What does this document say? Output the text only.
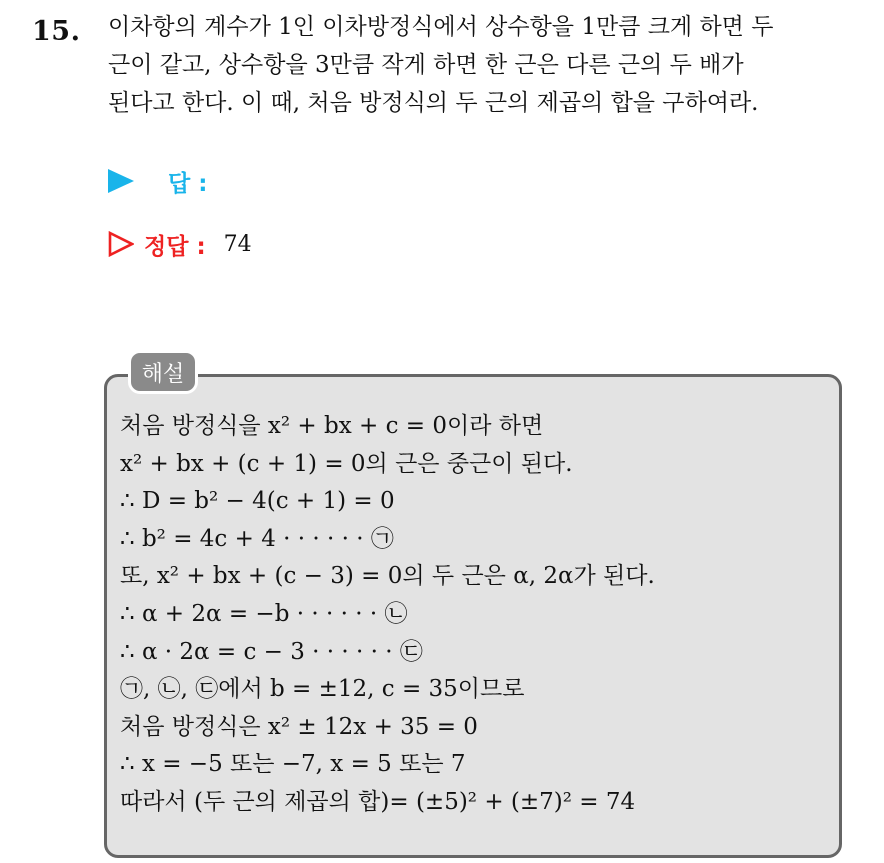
15. 이차항의 계수가 1인 이차방정식에서 상수항을 1만큼 크게 하면 두
근이 같고, 상수항을 3만큼 작게 하면 한 근은 다른 근의 두 배가
된다고 한다. 이 때, 처음 방정식의 두 근의 제곱의 합을 구하여라.
답 :
정답 : 74
해설
처음 방정식을 x² + bx + c = 0이라 하면
x² + bx + (c + 1) = 0의 근은 중근이 된다.
∴ D = b² − 4(c + 1) = 0
∴ b² = 4c + 4 · · · · · · ㉠
또, x² + bx + (c − 3) = 0의 두 근은 α, 2α가 된다.
∴ α + 2α = −b · · · · · · ㉡
∴ α · 2α = c − 3 · · · · · · ㉢
㉠, ㉡, ㉢에서 b = ±12, c = 35이므로
처음 방정식은 x² ± 12x + 35 = 0
∴ x = −5 또는 −7, x = 5 또는 7
따라서 (두 근의 제곱의 합)= (±5)² + (±7)² = 74
